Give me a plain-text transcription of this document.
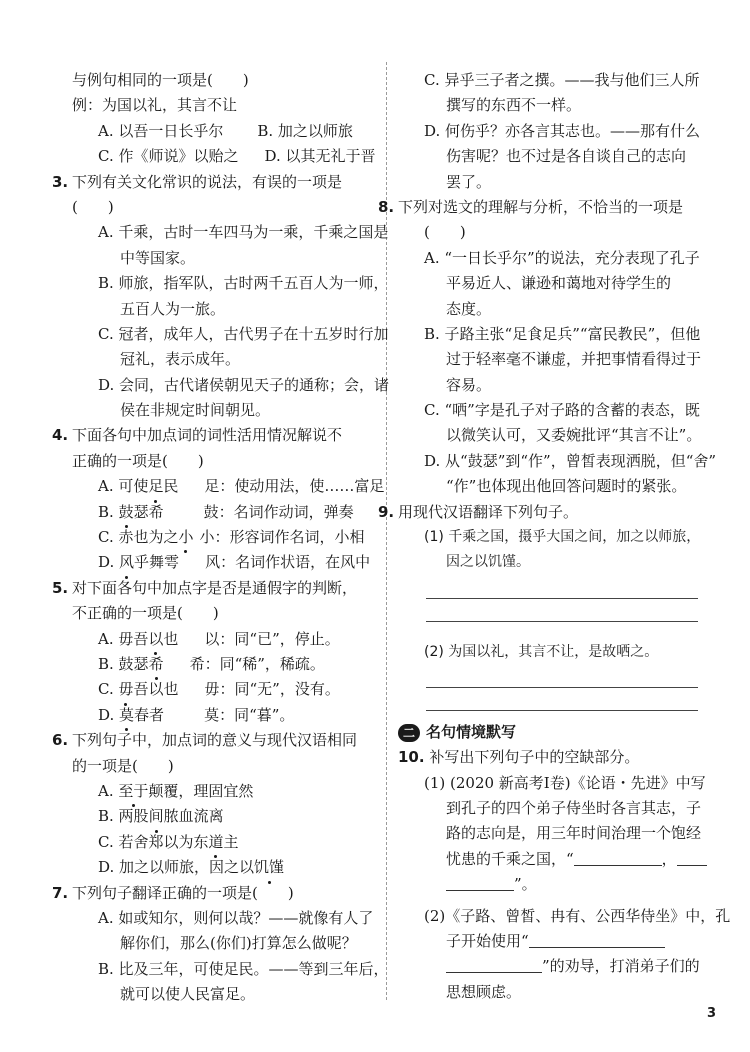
与例句相同的一项是(　　)
例：为国以礼，其言不让
A. 以吾一日长乎尔 B. 加之以师旅
C. 作《师说》以贻之 D. 以其无礼于晋
3. 下列有关文化常识的说法，有误的一项是
(　　)
A. 千乘，古时一车四马为一乘，千乘之国是
中等国家。
B. 师旅，指军队，古时两千五百人为一师，
五百人为一旅。
C. 冠者，成年人，古代男子在十五岁时行加
冠礼，表示成年。
D. 会同，古代诸侯朝见天子的通称；会，诸
侯在非规定时间朝见。
4. 下面各句中加点词的词性活用情况解说不
正确的一项是(　　)
A. 可使足民 足：使动用法，使……富足
B. 鼓瑟希	鼓：名词作动词，弹奏
C. 赤也为之小 小：形容词作名词，小相
D. 风乎舞雩 风：名词作状语，在风中
5. 对下面各句中加点字是否是通假字的判断，
不正确的一项是(　　)
A. 毋吾以也 以：同“已”，停止。
B. 鼓瑟希 希：同“稀”，稀疏。
C. 毋吾以也 毋：同“无”，没有。
D. 莫春者	莫：同“暮”。
6. 下列句子中，加点词的意义与现代汉语相同
的一项是(　　)
A. 至于颠覆，理固宜然
B. 两股间脓血流离
C. 若舍郑以为东道主
D. 加之以师旅，因之以饥馑
7. 下列句子翻译正确的一项是(　　)
A. 如或知尔，则何以哉？——就像有人了
解你们，那么(你们)打算怎么做呢？
B. 比及三年，可使足民。——等到三年后，
就可以使人民富足。
C. 异乎三子者之撰。——我与他们三人所
撰写的东西不一样。
D. 何伤乎？亦各言其志也。——那有什么
伤害呢？也不过是各自谈自己的志向
罢了。
8. 下列对选文的理解与分析，不恰当的一项是
(　　)
A. “一日长乎尔”的说法，充分表现了孔子
平易近人、谦逊和蔼地对待学生的
态度。
B. 子路主张“足食足兵”“富民教民”，但他
过于轻率毫不谦虚，并把事情看得过于
容易。
C. “哂”字是孔子对子路的含蓄的表态，既
以微笑认可，又委婉批评“其言不让”。
D. 从“鼓瑟”到“作”，曾皙表现洒脱，但“舍”
“作”也体现出他回答问题时的紧张。
9. 用现代汉语翻译下列句子。
(1) 千乘之国，摄乎大国之间，加之以师旅，
因之以饥馑。
(2) 为国以礼，其言不让，是故哂之。
二 名句情境默写
10. 补写出下列句子中的空缺部分。
(1) (2020 新高考Ⅰ卷)《论语・先进》中写
到孔子的四个弟子侍坐时各言其志，子
路的志向是，用三年时间治理一个饱经
忧患的千乘之国，“	，
”。
(2)《子路、曾皙、冉有、公西华侍坐》中，孔
子开始使用“
”的劝导，打消弟子们的
思想顾虑。
3
